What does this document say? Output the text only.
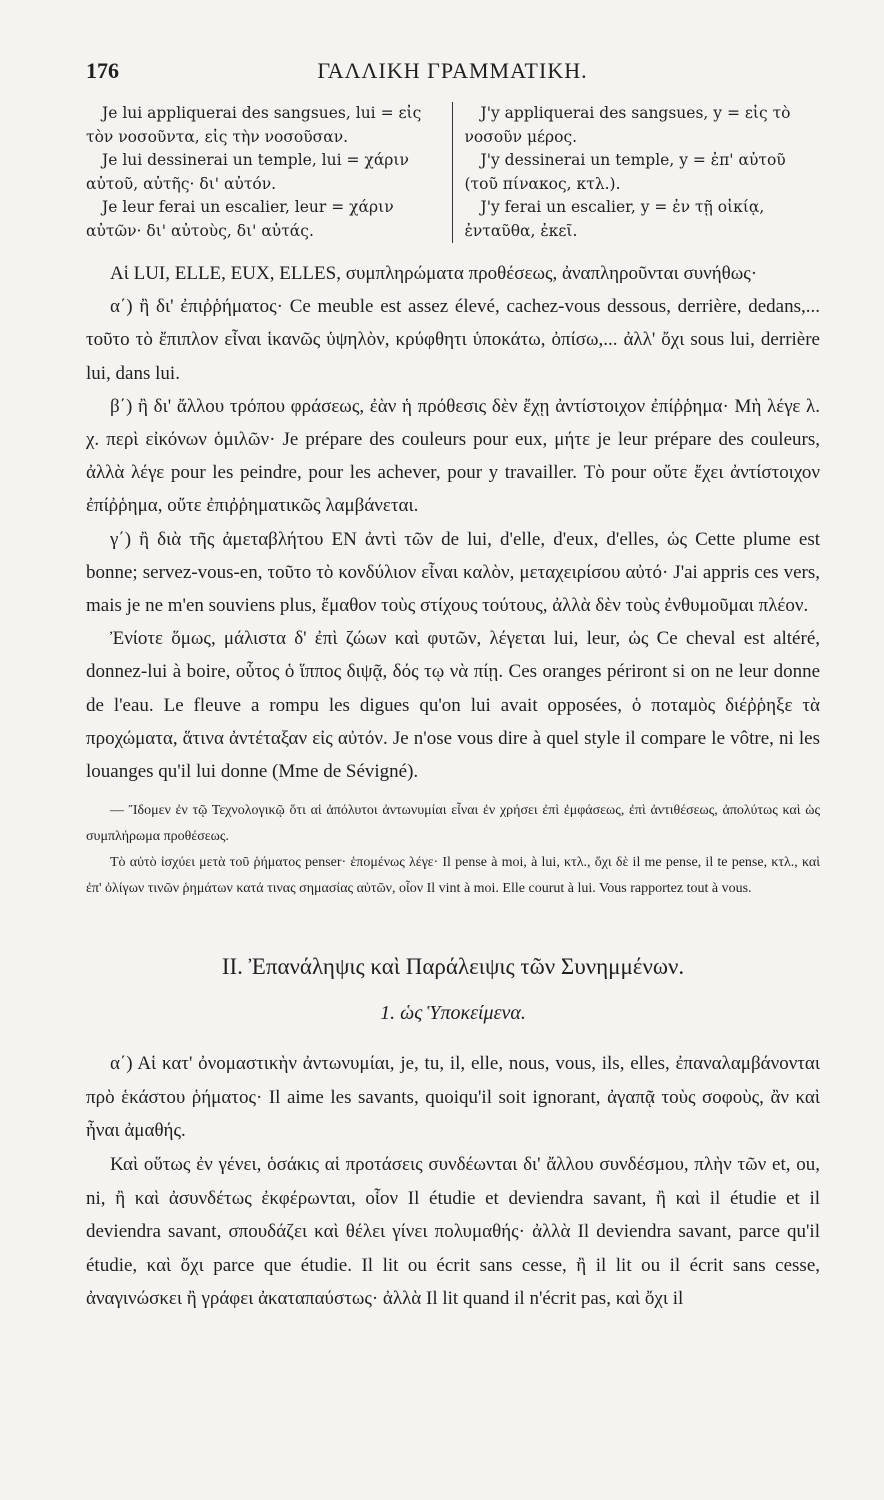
176	ΓΑΛΛΙΚΗ ΓΡΑΜΜΑΤΙΚΗ.

Je lui appliquerai des sangsues, lui = εἰς τὸν νοσοῦντα, εἰς τὴν νοσοῦσαν.

Je lui dessinerai un temple, lui = χάριν αὐτοῦ, αὐτῆς· δι' αὐτόν.

Je leur ferai un escalier, leur = χάριν αὐτῶν· δι' αὐτοὺς, δι' αὐτάς.

J'y appliquerai des sangsues, y = εἰς τὸ νοσοῦν μέρος.

J'y dessinerai un temple, y = ἐπ' αὐτοῦ (τοῦ πίνακος, κτλ.).

J'y ferai un escalier, y = ἐν τῇ οἰκίᾳ, ἐνταῦθα, ἐκεῖ.

Αἱ LUI, ELLE, EUX, ELLES, συμπληρώματα προθέσεως, ἀναπληροῦνται συνήθως·

α΄) ἢ δι' ἐπιῤῥήματος· Ce meuble est assez élevé, cachez-vous dessous, derrière, dedans,... τοῦτο τὸ ἔπιπλον εἶναι ἱκανῶς ὑψηλὸν, κρύφθητι ὑποκάτω, ὀπίσω,... ἀλλ' ὄχι sous lui, derrière lui, dans lui.

β΄) ἢ δι' ἄλλου τρόπου φράσεως, ἐὰν ἡ πρόθεσις δὲν ἔχῃ ἀντίστοιχον ἐπίῤῥημα· Μὴ λέγε λ. χ. περὶ εἰκόνων ὁμιλῶν· Je prépare des couleurs pour eux, μήτε je leur prépare des couleurs, ἀλλὰ λέγε pour les peindre, pour les achever, pour y travailler. Τὸ pour οὔτε ἔχει ἀντίστοιχον ἐπίῤῥημα, οὔτε ἐπιῤῥηματικῶς λαμβάνεται.

γ΄) ἢ διὰ τῆς ἀμεταβλήτου EN ἀντὶ τῶν de lui, d'elle, d'eux, d'elles, ὡς Cette plume est bonne; servez-vous-en, τοῦτο τὸ κονδύλιον εἶναι καλὸν, μεταχειρίσου αὐτό· J'ai appris ces vers, mais je ne m'en souviens plus, ἔμαθον τοὺς στίχους τούτους, ἀλλὰ δὲν τοὺς ἐνθυμοῦμαι πλέον.

Ἐνίοτε ὅμως, μάλιστα δ' ἐπὶ ζώων καὶ φυτῶν, λέγεται lui, leur, ὡς Ce cheval est altéré, donnez-lui à boire, οὗτος ὁ ἵππος διψᾷ, δός τῳ νὰ πίῃ. Ces oranges périront si on ne leur donne de l'eau. Le fleuve a rompu les digues qu'on lui avait opposées, ὁ ποταμὸς διέῤῥηξε τὰ προχώματα, ἅτινα ἀντέταξαν εἰς αὐτόν. Je n'ose vous dire à quel style il compare le vôtre, ni les louanges qu'il lui donne (Mme de Sévigné).

— Ἴδομεν ἐν τῷ Τεχνολογικῷ ὅτι αἱ ἀπόλυτοι ἀντωνυμίαι εἶναι ἐν χρήσει ἐπὶ ἐμφάσεως, ἐπὶ ἀντιθέσεως, ἀπολύτως καὶ ὡς συμπλήρωμα προθέσεως.

Τὸ αὐτὸ ἰσχύει μετὰ τοῦ ῥήματος penser· ἑπομένως λέγε· Il pense à moi, à lui, κτλ., ὄχι δὲ il me pense, il te pense, κτλ., καὶ ἐπ' ὀλίγων τινῶν ῥημάτων κατά τινας σημασίας αὐτῶν, οἷον Il vint à moi. Elle courut à lui. Vous rapportez tout à vous.

II. Ἐπανάληψις καὶ Παράλειψις τῶν Συνημμένων.
1. ὡς Ὑποκείμενα.

α΄) Αἱ κατ' ὀνομαστικὴν ἀντωνυμίαι, je, tu, il, elle, nous, vous, ils, elles, ἐπαναλαμβάνονται πρὸ ἑκάστου ῥήματος· Il aime les savants, quoiqu'il soit ignorant, ἀγαπᾷ τοὺς σοφοὺς, ἂν καὶ ἦναι ἀμαθής.

Καὶ οὕτως ἐν γένει, ὁσάκις αἱ προτάσεις συνδέωνται δι' ἄλλου συνδέσμου, πλὴν τῶν et, ou, ni, ἢ καὶ ἀσυνδέτως ἐκφέρωνται, οἷον Il étudie et deviendra savant, ἢ καὶ il étudie et il deviendra savant, σπουδάζει καὶ θέλει γίνει πολυμαθής· ἀλλὰ Il deviendra savant, parce qu'il étudie, καὶ ὄχι parce que étudie. Il lit ou écrit sans cesse, ἢ il lit ou il écrit sans cesse, ἀναγινώσκει ἢ γράφει ἀκαταπαύστως· ἀλλὰ Il lit quand il n'écrit pas, καὶ ὄχι il
